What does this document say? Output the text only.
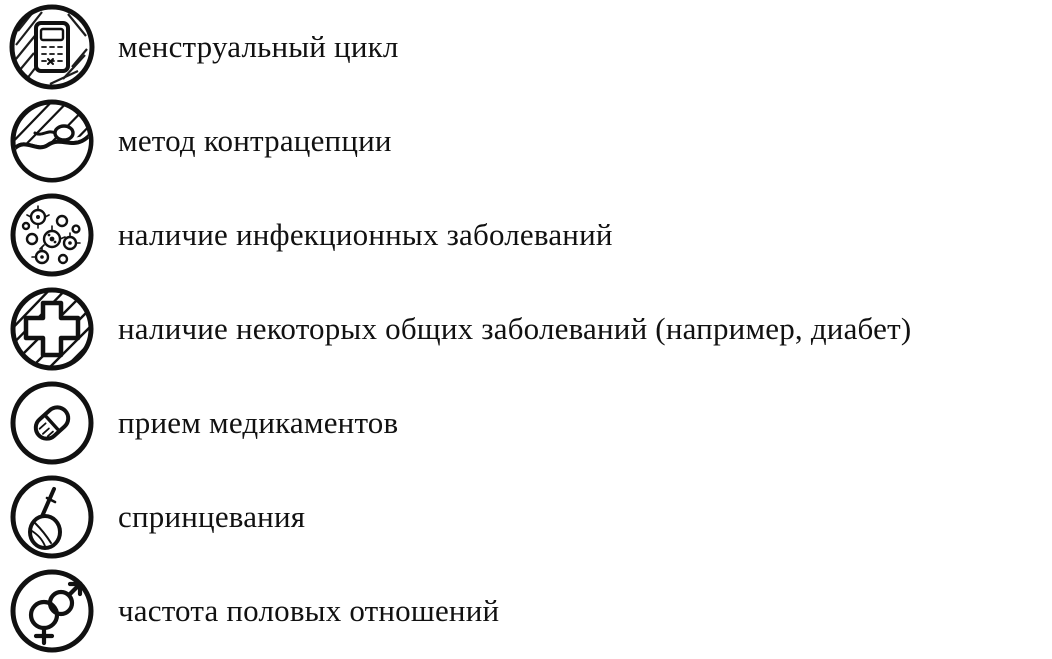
менструальный цикл
метод контрацепции
наличие инфекционных заболеваний
наличие некоторых общих заболеваний (например, диабет)
прием медикаментов
спринцевания
частота половых отношений
